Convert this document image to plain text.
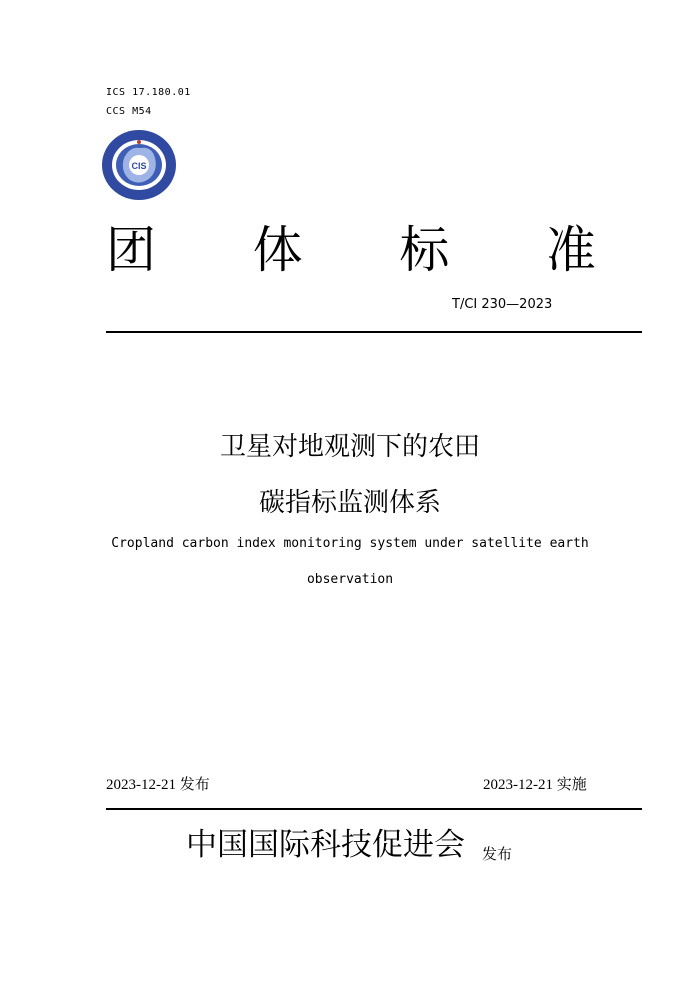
ICS 17.180.01
CCS M54
CIS
团 体 标 准
T/CI 230—2023
卫星对地观测下的农田
碳指标监测体系
Cropland carbon index monitoring system under satellite earth
observation
2023-12-21 发布	2023-12-21 实施
中国国际科技促进会 发布
